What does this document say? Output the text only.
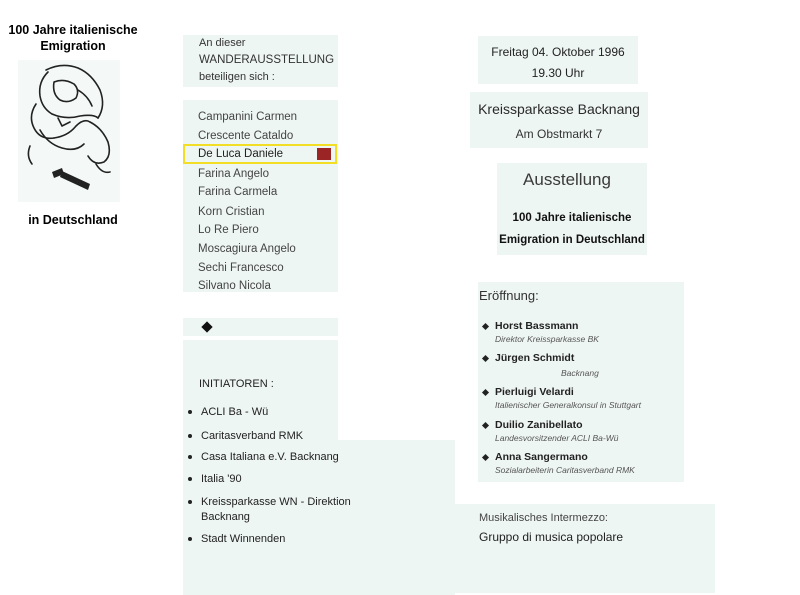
100 Jahre italienische
Emigration
in Deutschland
An dieser
WANDERAUSSTELLUNG
beteiligen sich :
Campanini Carmen
Crescente Cataldo
De Luca Daniele
Farina Angelo
Farina Carmela
Korn Cristian
Lo Re Piero
Moscagiura Angelo
Sechi Francesco
Silvano Nicola
INITIATOREN :
ACLI Ba - Wü
Caritasverband RMK
Casa Italiana e.V. Backnang
Italia '90
Kreissparkasse WN - Direktion
Backnang
Stadt Winnenden
Freitag 04. Oktober 1996
19.30 Uhr
Kreissparkasse Backnang
Am Obstmarkt 7
Ausstellung
100 Jahre italienische
Emigration in Deutschland
Eröffnung:
Horst Bassmann
Direktor Kreissparkasse BK
Jürgen Schmidt
Backnang
Pierluigi Velardi
Italienischer Generalkonsul in Stuttgart
Duilio Zanibellato
Landesvorsitzender ACLI Ba-Wü
Anna Sangermano
Sozialarbeiterin Caritasverband RMK
Musikalisches Intermezzo:
Gruppo di musica popolare
